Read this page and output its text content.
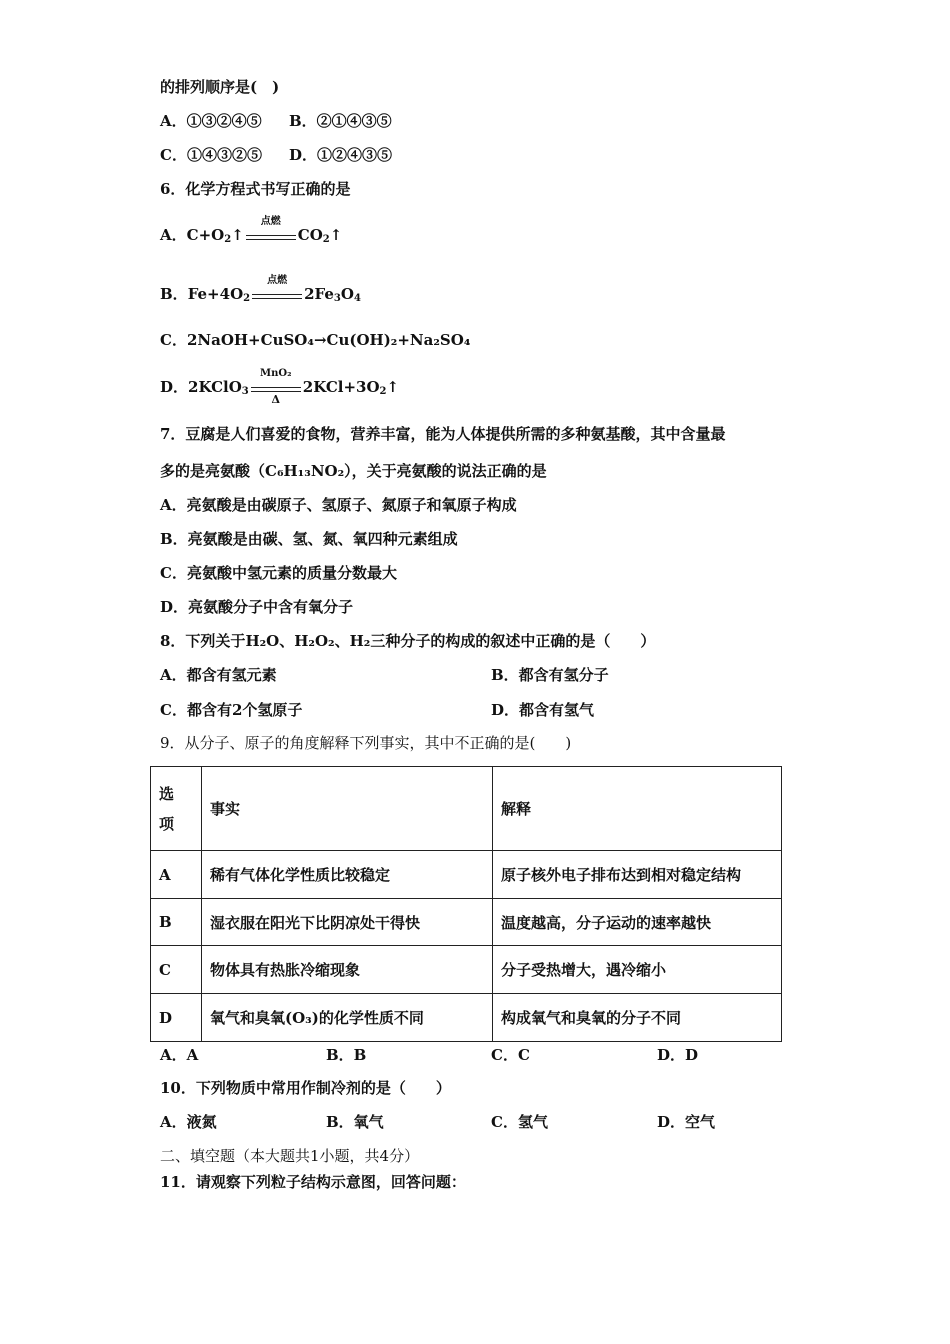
的排列顺序是(　)
A．①③②④⑤ B．②①④③⑤
C．①④③②⑤ D．①②④③⑤
6．化学方程式书写正确的是
A．$C+O_2↑$
点燃
$CO_2↑$
B．$Fe+4O_2$
点燃
$2Fe_3O_4$
C．2NaOH+CuSO₄→Cu(OH)₂+Na₂SO₄
D．2KClO$_3$
MnO₂
Δ
$2KCl+3O_2↑$
7．豆腐是人们喜爱的食物，营养丰富，能为人体提供所需的多种氨基酸，其中含量最
多的是亮氨酸（C₆H₁₃NO₂），关于亮氨酸的说法正确的是
A．亮氨酸是由碳原子、氢原子、氮原子和氧原子构成
B．亮氨酸是由碳、氢、氮、氧四种元素组成
C．亮氨酸中氢元素的质量分数最大
D．亮氨酸分子中含有氧分子
8．下列关于H₂O、H₂O₂、H₂三种分子的构成的叙述中正确的是（　　）
A．都含有氢元素	B．都含有氢分子
C．都含有2个氢原子	D．都含有氢气
9．从分子、原子的角度解释下列事实，其中不正确的是(　　)
选
项	事实	解释
A	稀有气体化学性质比较稳定	原子核外电子排布达到相对稳定结构
B	湿衣服在阳光下比阴凉处干得快	温度越高，分子运动的速率越快
C	物体具有热胀冷缩现象	分子受热增大，遇冷缩小
D	氧气和臭氧(O₃)的化学性质不同	构成氧气和臭氧的分子不同
A．A	B．B	C．C	D．D
10．下列物质中常用作制冷剂的是（　　）
A．液氮	B．氧气	C．氢气	D．空气
二、填空题（本大题共1小题，共4分）
11．请观察下列粒子结构示意图，回答问题：
